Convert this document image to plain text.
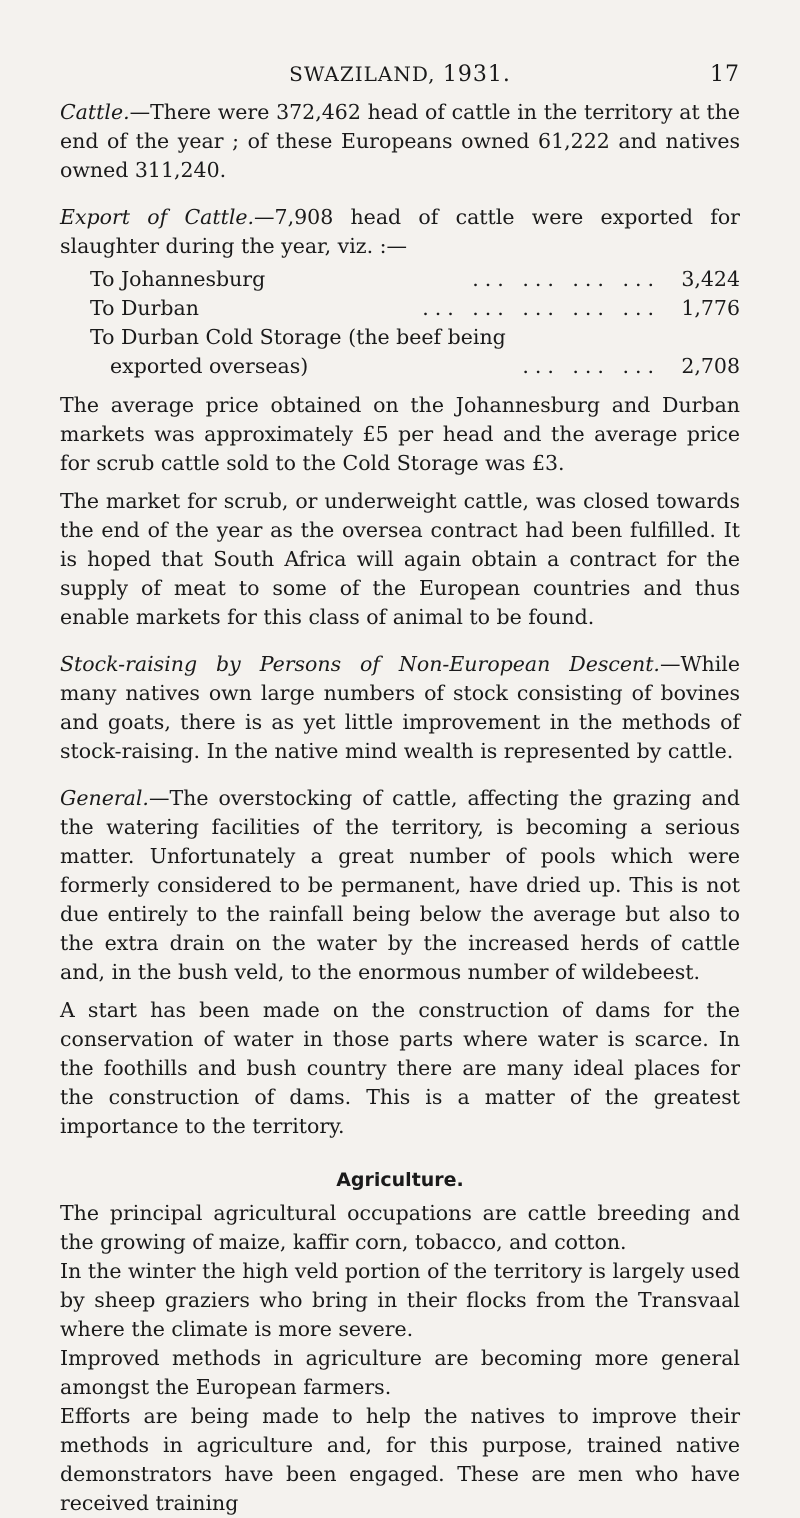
SWAZILAND, 1931.	17

Cattle.—There were 372,462 head of cattle in the territory at the end of the year ; of these Europeans owned 61,222 and natives owned 311,240.

Export of Cattle.—7,908 head of cattle were exported for slaughter during the year, viz. :—

To Johannesburg	... ... ... ...	3,424
To Durban	... ... ... ... ...	1,776
To Durban Cold Storage (the beef being
exported overseas)	... ... ...	2,708

The average price obtained on the Johannesburg and Durban markets was approximately £5 per head and the average price for scrub cattle sold to the Cold Storage was £3.

The market for scrub, or underweight cattle, was closed towards the end of the year as the oversea contract had been fulfilled. It is hoped that South Africa will again obtain a contract for the supply of meat to some of the European countries and thus enable markets for this class of animal to be found.

Stock-raising by Persons of Non-European Descent.—While many natives own large numbers of stock consisting of bovines and goats, there is as yet little improvement in the methods of stock-raising. In the native mind wealth is represented by cattle.

General.—The overstocking of cattle, affecting the grazing and the watering facilities of the territory, is becoming a serious matter. Unfortunately a great number of pools which were formerly considered to be permanent, have dried up. This is not due entirely to the rainfall being below the average but also to the extra drain on the water by the increased herds of cattle and, in the bush veld, to the enormous number of wildebeest.

A start has been made on the construction of dams for the conservation of water in those parts where water is scarce. In the foothills and bush country there are many ideal places for the construction of dams. This is a matter of the greatest importance to the territory.

Agriculture.

The principal agricultural occupations are cattle breeding and the growing of maize, kaffir corn, tobacco, and cotton.

In the winter the high veld portion of the territory is largely used by sheep graziers who bring in their flocks from the Transvaal where the climate is more severe.

Improved methods in agriculture are becoming more general amongst the European farmers.

Efforts are being made to help the natives to improve their methods in agriculture and, for this purpose, trained native demonstrators have been engaged. These are men who have received training
